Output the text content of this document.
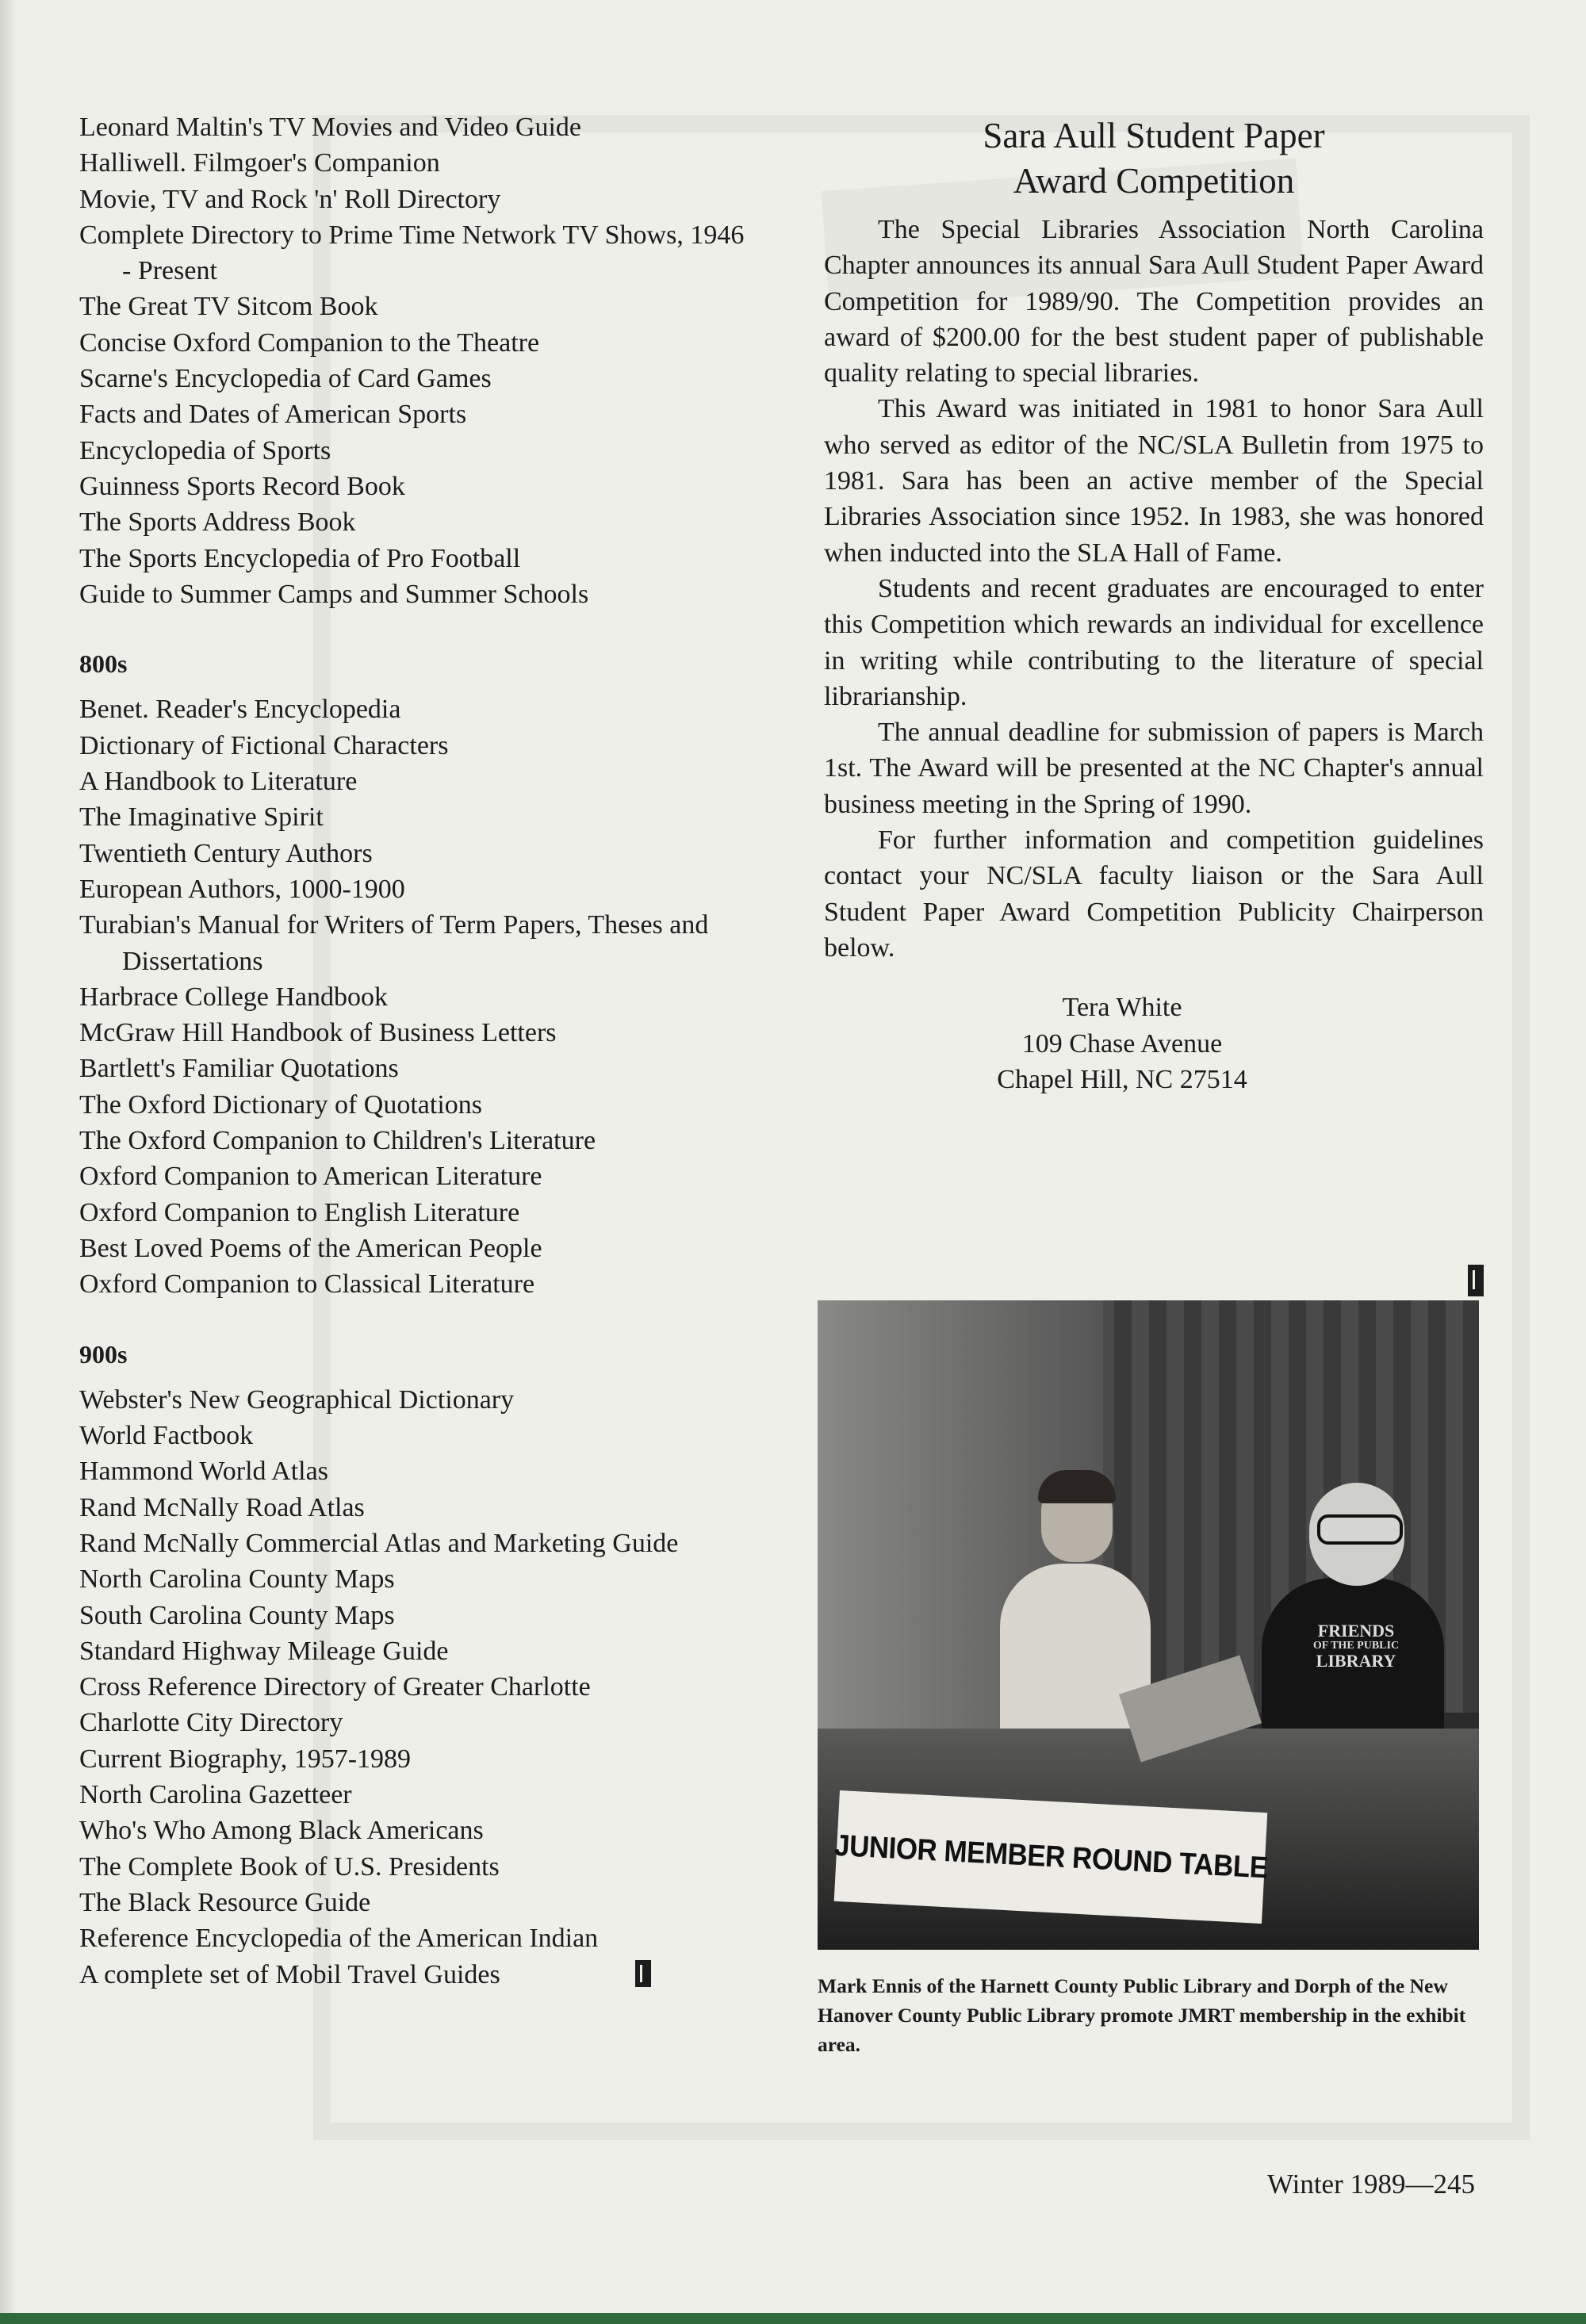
Leonard Maltin's TV Movies and Video Guide
Halliwell. Filmgoer's Companion
Movie, TV and Rock 'n' Roll Directory
Complete Directory to Prime Time Network TV Shows, 1946 - Present
The Great TV Sitcom Book
Concise Oxford Companion to the Theatre
Scarne's Encyclopedia of Card Games
Facts and Dates of American Sports
Encyclopedia of Sports
Guinness Sports Record Book
The Sports Address Book
The Sports Encyclopedia of Pro Football
Guide to Summer Camps and Summer Schools
800s
Benet. Reader's Encyclopedia
Dictionary of Fictional Characters
A Handbook to Literature
The Imaginative Spirit
Twentieth Century Authors
European Authors, 1000-1900
Turabian's Manual for Writers of Term Papers, Theses and Dissertations
Harbrace College Handbook
McGraw Hill Handbook of Business Letters
Bartlett's Familiar Quotations
The Oxford Dictionary of Quotations
The Oxford Companion to Children's Literature
Oxford Companion to American Literature
Oxford Companion to English Literature
Best Loved Poems of the American People
Oxford Companion to Classical Literature
900s
Webster's New Geographical Dictionary
World Factbook
Hammond World Atlas
Rand McNally Road Atlas
Rand McNally Commercial Atlas and Marketing Guide
North Carolina County Maps
South Carolina County Maps
Standard Highway Mileage Guide
Cross Reference Directory of Greater Charlotte
Charlotte City Directory
Current Biography, 1957-1989
North Carolina Gazetteer
Who's Who Among Black Americans
The Complete Book of U.S. Presidents
The Black Resource Guide
Reference Encyclopedia of the American Indian
A complete set of Mobil Travel Guides
Sara Aull Student Paper
Award Competition

The Special Libraries Association North Carolina Chapter announces its annual Sara Aull Student Paper Award Competition for 1989/90. The Competition provides an award of $200.00 for the best student paper of publishable quality relating to special libraries.

This Award was initiated in 1981 to honor Sara Aull who served as editor of the NC/SLA Bulletin from 1975 to 1981. Sara has been an active member of the Special Libraries Association since 1952. In 1983, she was honored when inducted into the SLA Hall of Fame.

Students and recent graduates are encouraged to enter this Competition which rewards an individual for excellence in writing while contributing to the literature of special librarianship.

The annual deadline for submission of papers is March 1st. The Award will be presented at the NC Chapter's annual business meeting in the Spring of 1990.

For further information and competition guidelines contact your NC/SLA faculty liaison or the Sara Aull Student Paper Award Competition Publicity Chairperson below.

Tera White
109 Chase Avenue
Chapel Hill, NC 27514
FRIENDS
OF THE PUBLIC
LIBRARY
JUNIOR MEMBER ROUND TABLE
Mark Ennis of the Harnett County Public Library and Dorph of the New Hanover County Public Library promote JMRT membership in the exhibit area.
Winter 1989—245
